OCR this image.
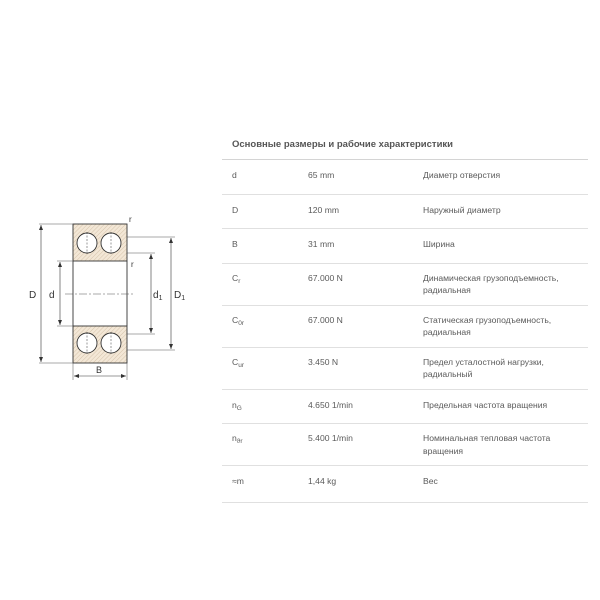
D d	$d_1$ $D_1$
B
r
r
Основные размеры и рабочие характеристики
d	65 mm	Диаметр отверстия
D	120 mm	Наружный диаметр
B	31 mm	Ширина
$C_r$	67.000 N	Динамическая грузоподъемность, радиальная
$C_{0r}$	67.000 N	Статическая грузоподъемность, радиальная
$C_{ur}$	3.450 N	Предел усталостной нагрузки, радиальный
$n_G$	4.650 1/min	Предельная частота вращения
$n_{ϑr}$	5.400 1/min	Номинальная тепловая частота вращения
≈m	1,44 kg	Вес
